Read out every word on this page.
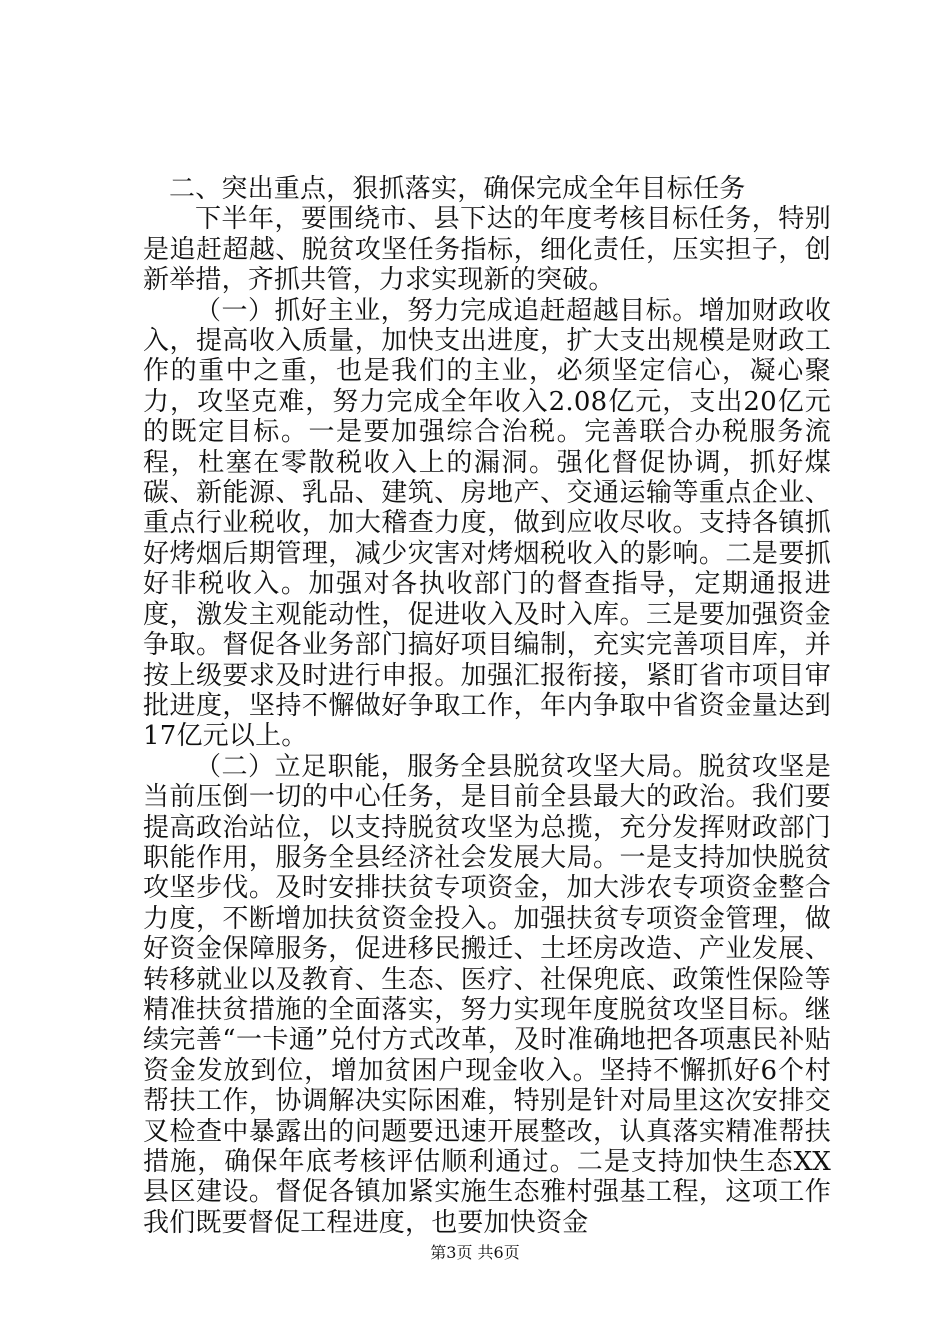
二、突出重点，狠抓落实，确保完成全年目标任务

下半年，要围绕市、县下达的年度考核目标任务，特别是追赶超越、脱贫攻坚任务指标，细化责任，压实担子，创新举措，齐抓共管，力求实现新的突破。

（一）抓好主业，努力完成追赶超越目标。增加财政收入，提高收入质量，加快支出进度，扩大支出规模是财政工作的重中之重，也是我们的主业，必须坚定信心，凝心聚力，攻坚克难，努力完成全年收入2.08亿元，支出20亿元的既定目标。一是要加强综合治税。完善联合办税服务流程，杜塞在零散税收入上的漏洞。强化督促协调，抓好煤碳、新能源、乳品、建筑、房地产、交通运输等重点企业、重点行业税收，加大稽查力度，做到应收尽收。支持各镇抓好烤烟后期管理，减少灾害对烤烟税收入的影响。二是要抓好非税收入。加强对各执收部门的督查指导，定期通报进度，激发主观能动性，促进收入及时入库。三是要加强资金争取。督促各业务部门搞好项目编制，充实完善项目库，并按上级要求及时进行申报。加强汇报衔接，紧盯省市项目审批进度，坚持不懈做好争取工作，年内争取中省资金量达到17亿元以上。

（二）立足职能，服务全县脱贫攻坚大局。脱贫攻坚是当前压倒一切的中心任务，是目前全县最大的政治。我们要提高政治站位，以支持脱贫攻坚为总揽，充分发挥财政部门职能作用，服务全县经济社会发展大局。一是支持加快脱贫攻坚步伐。及时安排扶贫专项资金，加大涉农专项资金整合力度，不断增加扶贫资金投入。加强扶贫专项资金管理，做好资金保障服务，促进移民搬迁、土坯房改造、产业发展、转移就业以及教育、生态、医疗、社保兜底、政策性保险等精准扶贫措施的全面落实，努力实现年度脱贫攻坚目标。继续完善“一卡通”兑付方式改革，及时准确地把各项惠民补贴资金发放到位，增加贫困户现金收入。坚持不懈抓好6个村帮扶工作，协调解决实际困难，特别是针对局里这次安排交叉检查中暴露出的问题要迅速开展整改，认真落实精准帮扶措施，确保年底考核评估顺利通过。二是支持加快生态XX县区建设。督促各镇加紧实施生态雅村强基工程，这项工作我们既要督促工程进度，也要加快资金

第3页 共6页
